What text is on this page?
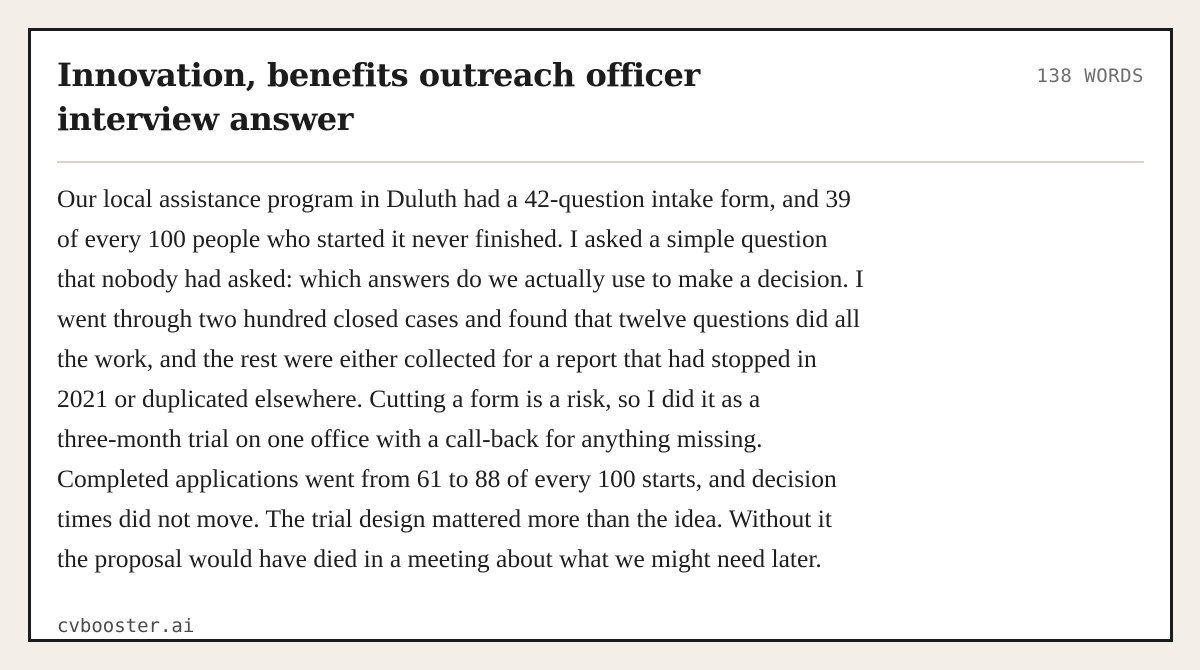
Innovation, benefits outreach officer interview answer
138 WORDS
Our local assistance program in Duluth had a 42-question intake form, and 39
of every 100 people who started it never finished. I asked a simple question
that nobody had asked: which answers do we actually use to make a decision. I
went through two hundred closed cases and found that twelve questions did all
the work, and the rest were either collected for a report that had stopped in
2021 or duplicated elsewhere. Cutting a form is a risk, so I did it as a
three-month trial on one office with a call-back for anything missing.
Completed applications went from 61 to 88 of every 100 starts, and decision
times did not move. The trial design mattered more than the idea. Without it
the proposal would have died in a meeting about what we might need later.
cvbooster.ai
